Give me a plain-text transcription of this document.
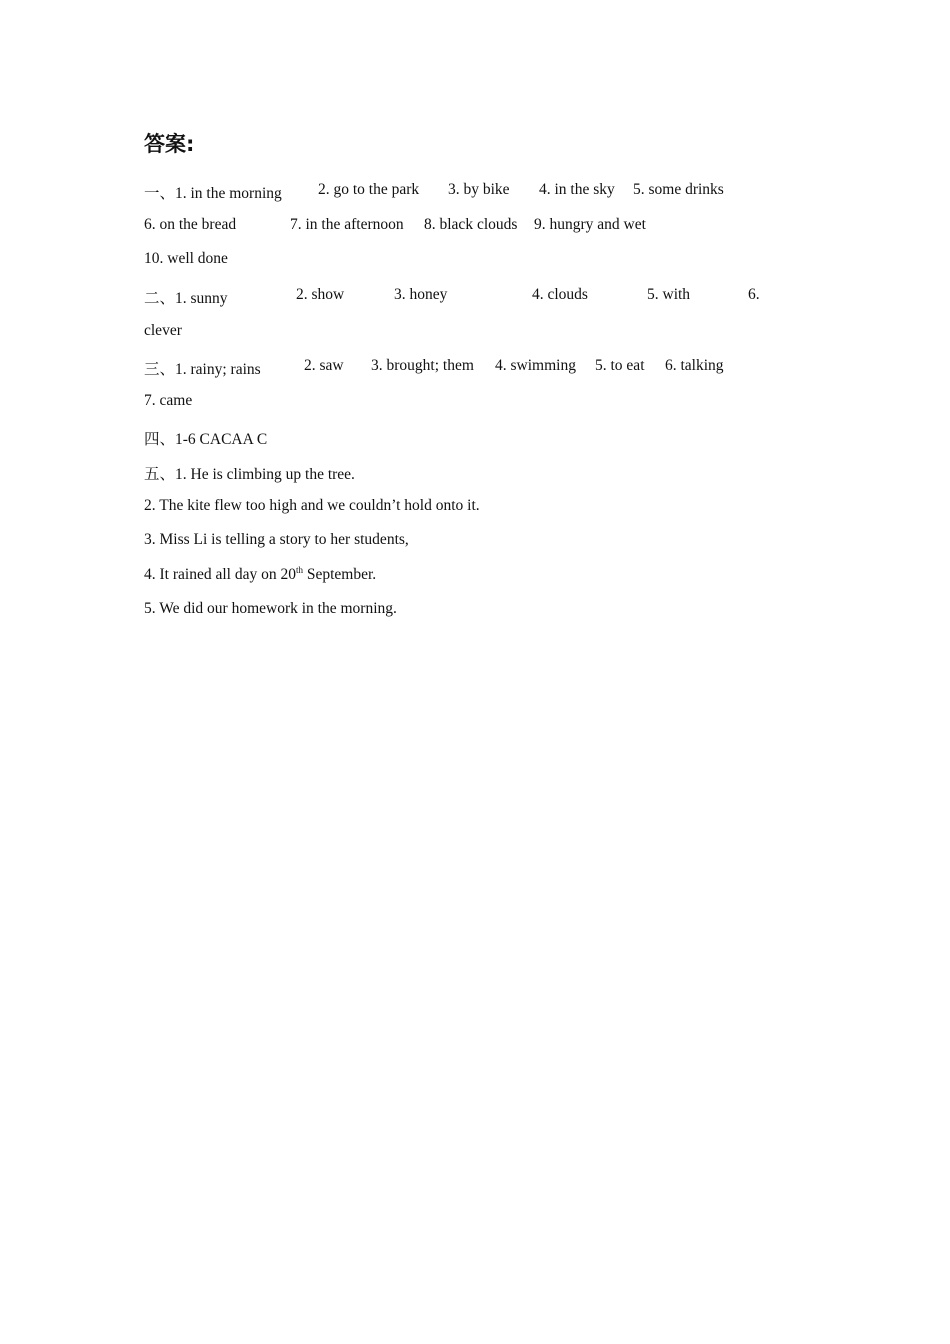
答案:
一、1. in the morning 2. go to the park 3. by bike 4. in the sky 5. some drinks
6. on the bread	7. in the afternoon 8. black clouds 9. hungry and wet

10. well done

二、1. sunny	2. show	3. honey	4. clouds	5. with	6.

clever

三、1. rainy; rains	2. saw 3. brought; them 4. swimming 5. to eat 6. talking

7. came

四、1-6 CACAA C

五、1. He is climbing up the tree.

2. The kite flew too high and we couldn’t hold onto it.

3. Miss Li is telling a story to her students,

4. It rained all day on 20th September.

5. We did our homework in the morning.
